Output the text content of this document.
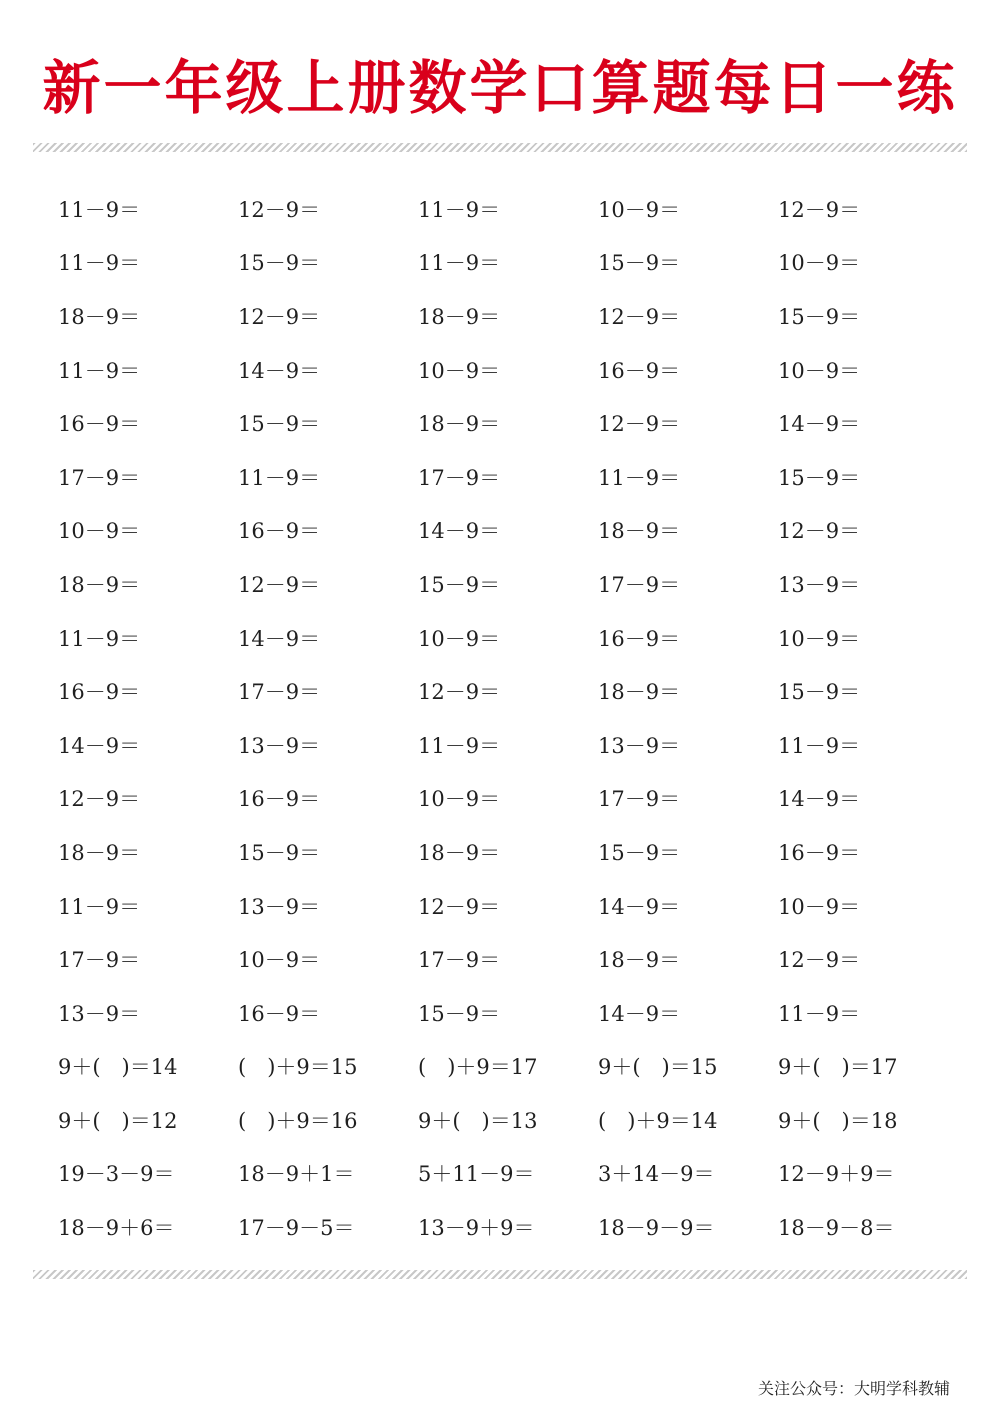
新一年级上册数学口算题每日一练
11－9＝	12－9＝	11－9＝	10－9＝	12－9＝
11－9＝	15－9＝	11－9＝	15－9＝	10－9＝
18－9＝	12－9＝	18－9＝	12－9＝	15－9＝
11－9＝	14－9＝	10－9＝	16－9＝	10－9＝
16－9＝	15－9＝	18－9＝	12－9＝	14－9＝
17－9＝	11－9＝	17－9＝	11－9＝	15－9＝
10－9＝	16－9＝	14－9＝	18－9＝	12－9＝
18－9＝	12－9＝	15－9＝	17－9＝	13－9＝
11－9＝	14－9＝	10－9＝	16－9＝	10－9＝
16－9＝	17－9＝	12－9＝	18－9＝	15－9＝
14－9＝	13－9＝	11－9＝	13－9＝	11－9＝
12－9＝	16－9＝	10－9＝	17－9＝	14－9＝
18－9＝	15－9＝	18－9＝	15－9＝	16－9＝
11－9＝	13－9＝	12－9＝	14－9＝	10－9＝
17－9＝	10－9＝	17－9＝	18－9＝	12－9＝
13－9＝	16－9＝	15－9＝	14－9＝	11－9＝
9＋(　)＝14	(　)＋9＝15	(　)＋9＝17	9＋(　)＝15	9＋(　)＝17
9＋(　)＝12	(　)＋9＝16	9＋(　)＝13	(　)＋9＝14	9＋(　)＝18
19－3－9＝	18－9＋1＝	5＋11－9＝	3＋14－9＝	12－9＋9＝
18－9＋6＝	17－9－5＝	13－9＋9＝	18－9－9＝	18－9－8＝
关注公众号：大明学科教辅
